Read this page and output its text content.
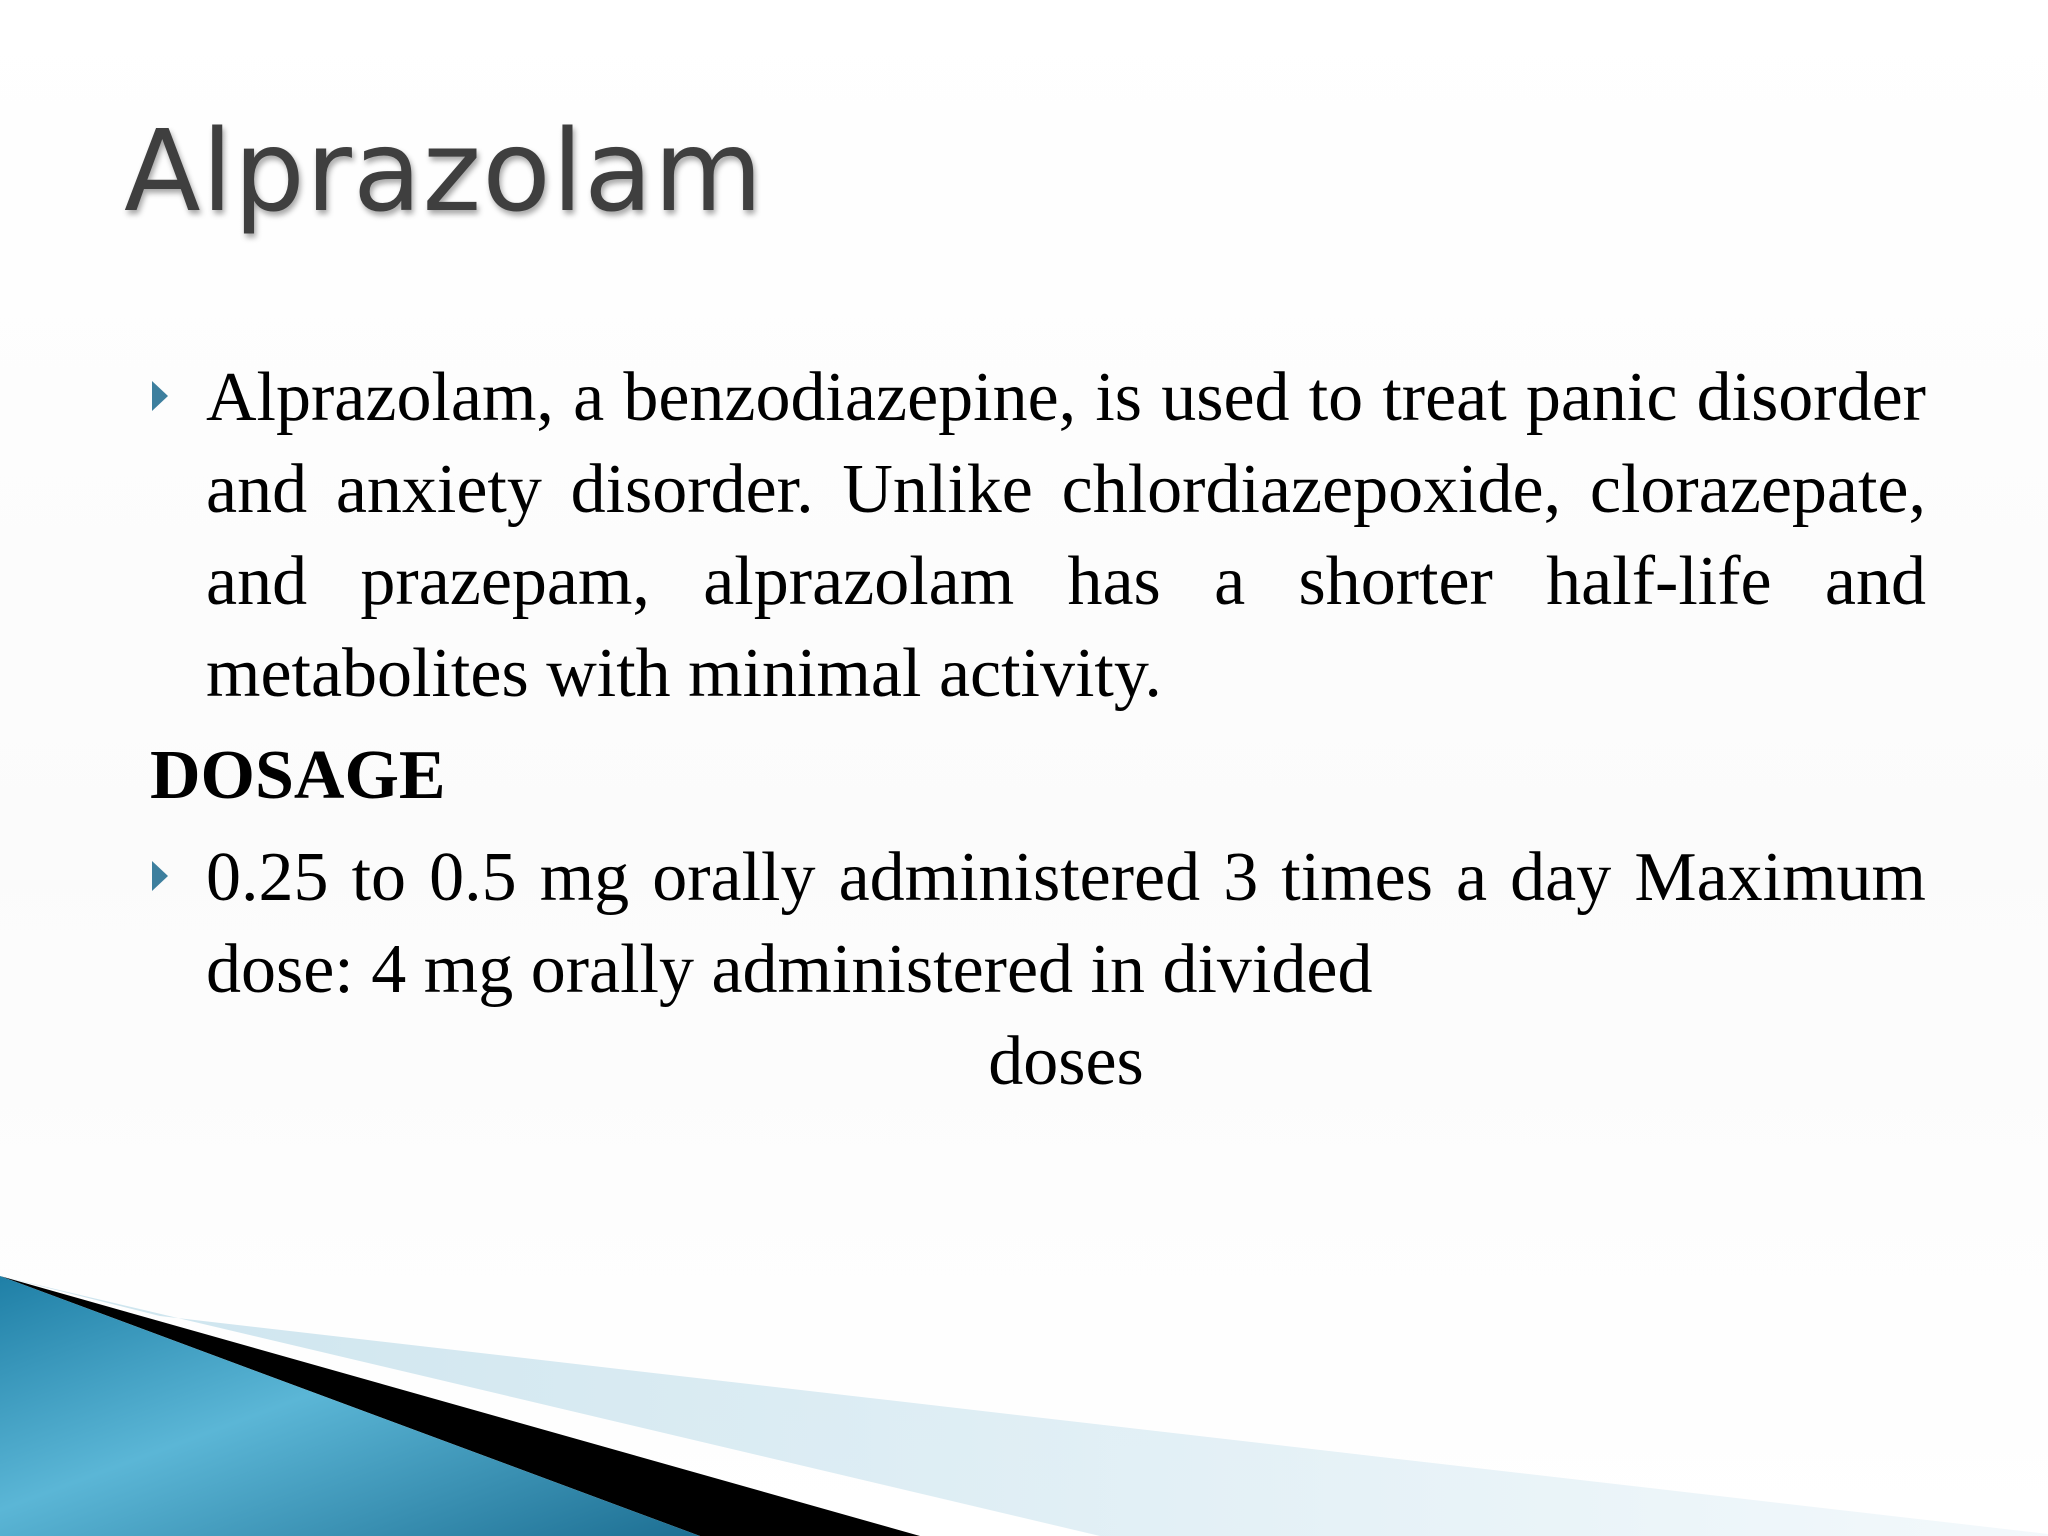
Alprazolam
Alprazolam, a benzodiazepine, is used to treat panic disorder and anxiety disorder. Unlike chlordiazepoxide, clorazepate, and prazepam, alprazolam has a shorter half-life and metabolites with minimal activity.
DOSAGE
0.25 to 0.5 mg orally administered 3 times a day Maximum dose: 4 mg orally administered in divided
doses
